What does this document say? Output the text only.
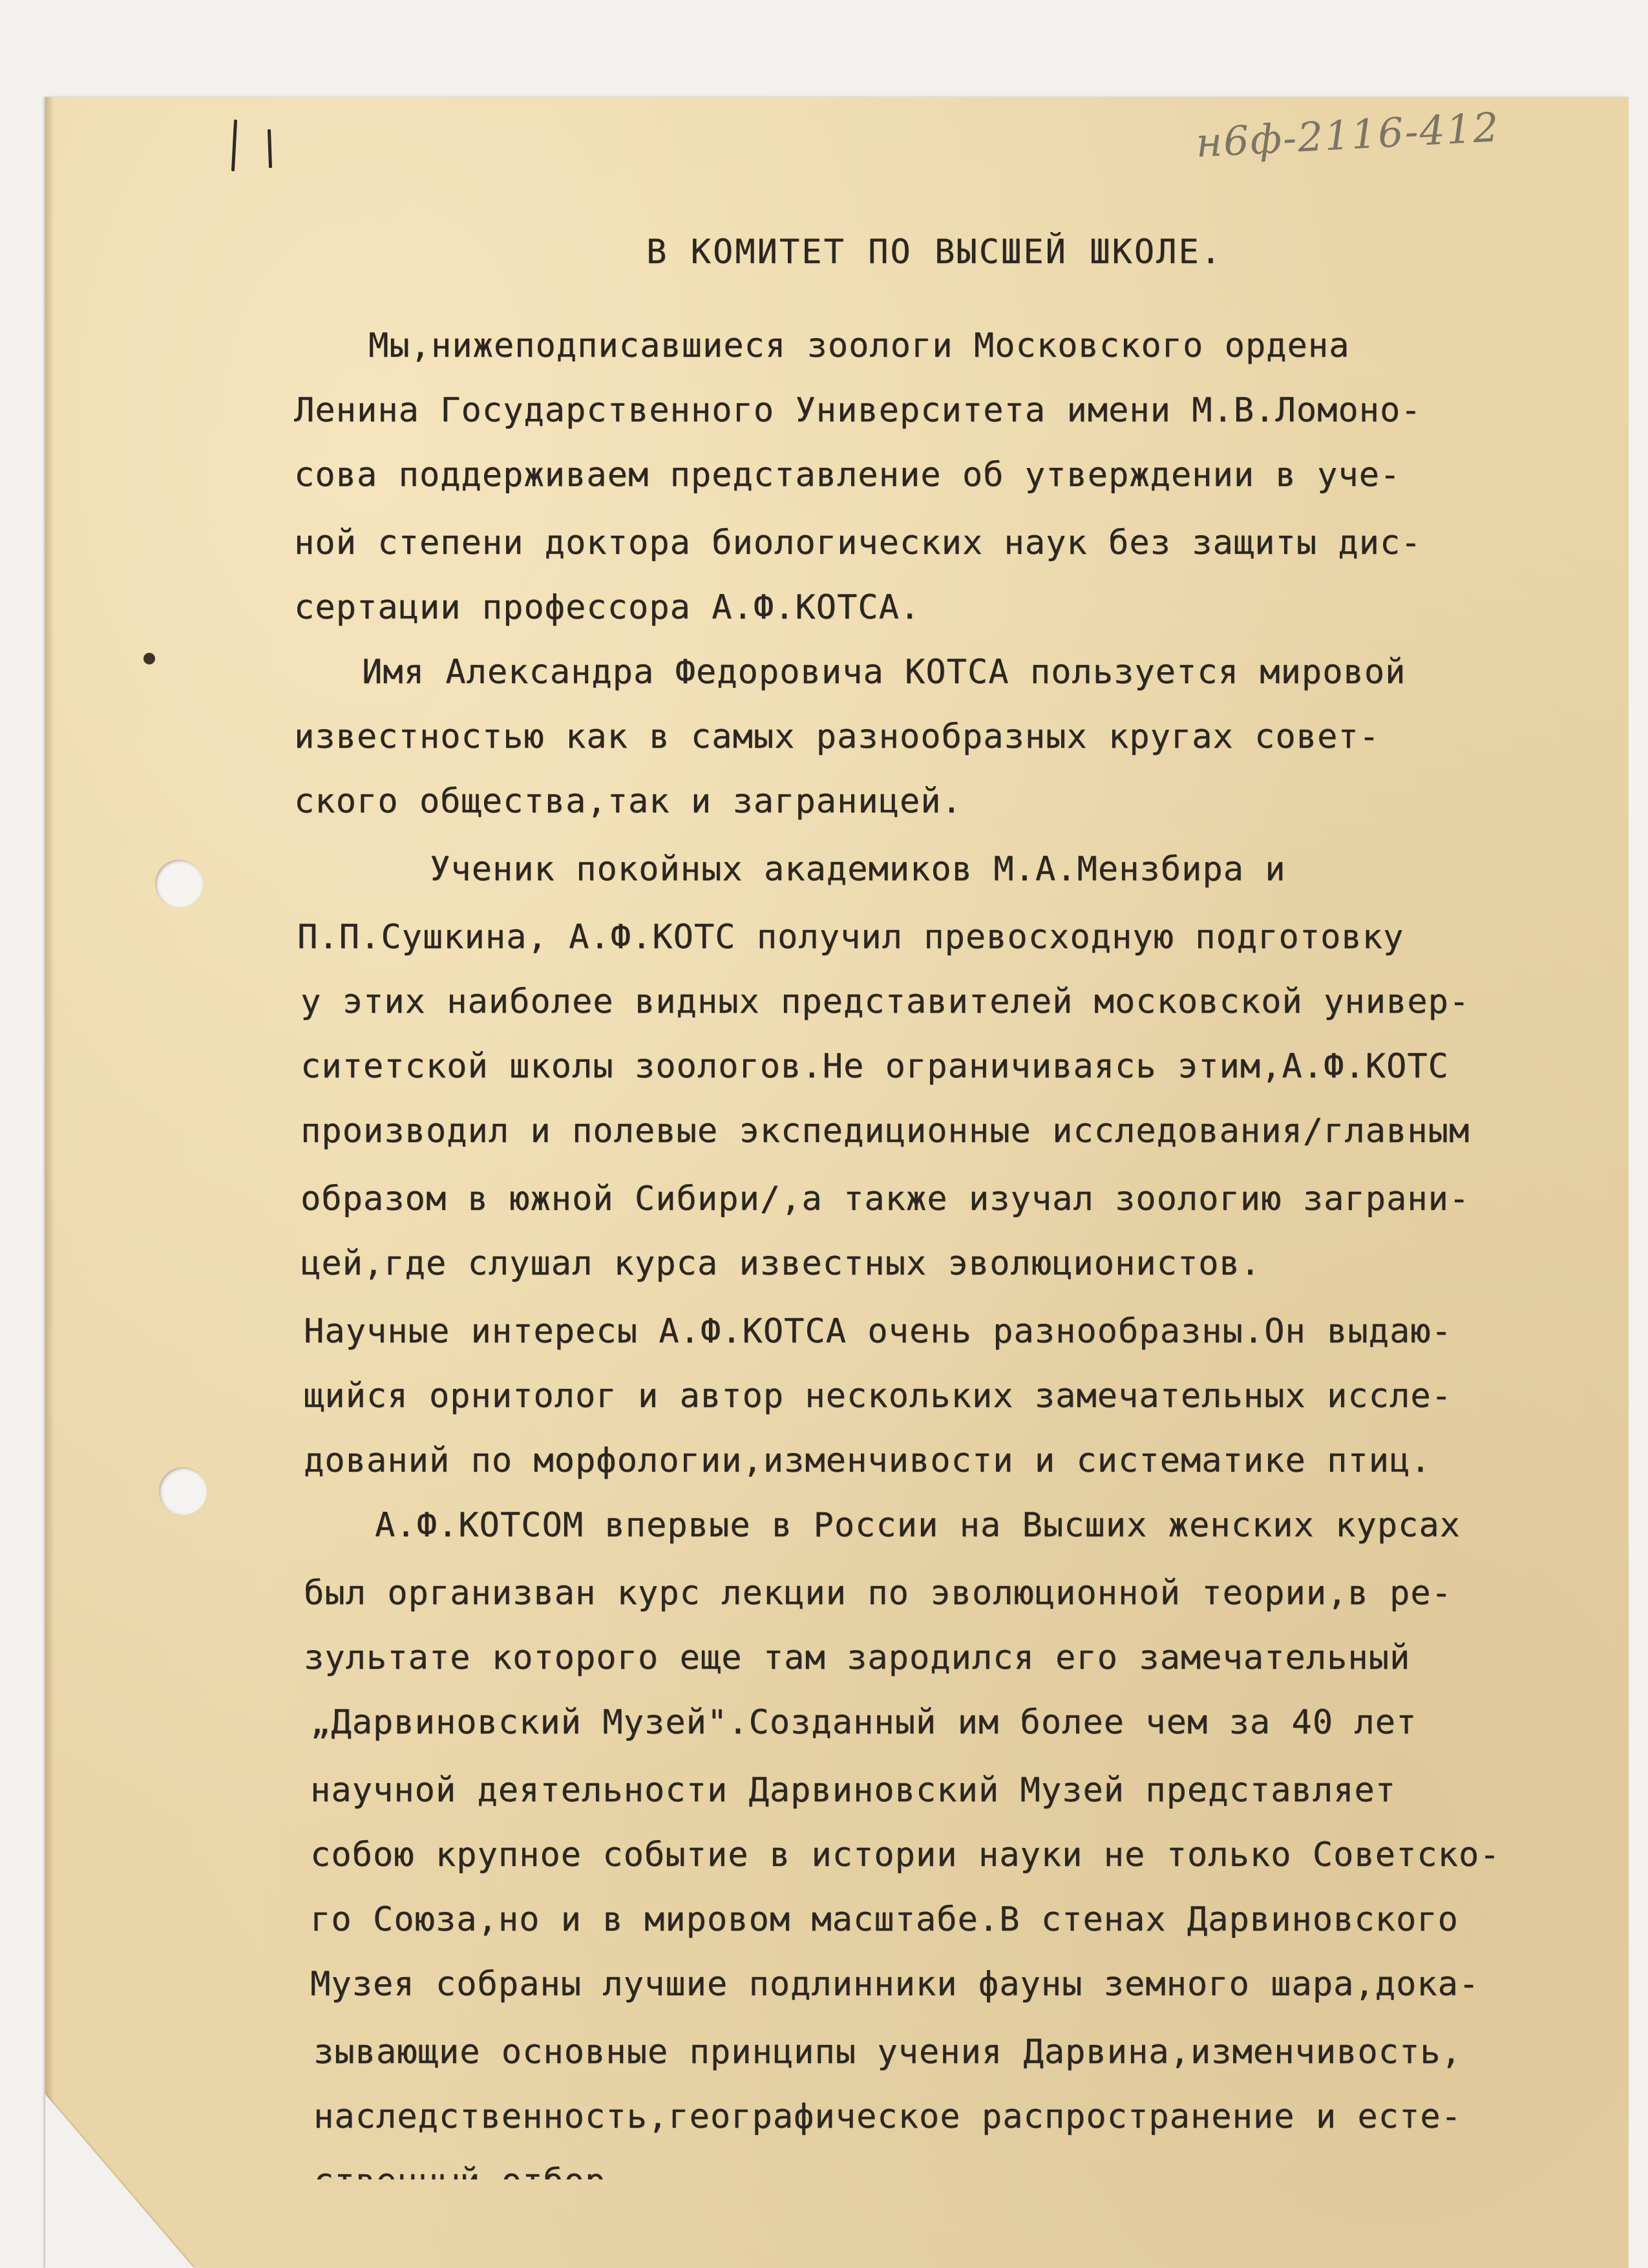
н6ф-2116-412
В КОМИТЕТ ПО ВЫСШЕЙ ШКОЛЕ.
Мы,нижеподписавшиеся зоологи Московского ордена
Ленина Государственного Университета имени М.В.Ломоно-
сова поддерживаем представление об утверждении в уче-
ной степени доктора биологических наук без защиты дис-
сертации профессора А.Ф.КОТСА.
Имя Александра Федоровича КОТСА пользуется мировой
известностью как в самых разнообразных кругах совет-
ского общества,так и заграницей.
Ученик покойных академиков М.А.Мензбира и
П.П.Сушкина, А.Ф.КОТС получил превосходную подготовку
у этих наиболее видных представителей московской универ-
ситетской школы зоологов.Не ограничиваясь этим,А.Ф.КОТС
производил и полевые экспедиционные исследования/главным
образом в южной Сибири/,а также изучал зоологию заграни-
цей,где слушал курса известных эволюционистов.
Научные интересы А.Ф.КОТСА очень разнообразны.Он выдаю-
щийся орнитолог и автор нескольких замечательных иссле-
дований по морфологии,изменчивости и систематике птиц.
А.Ф.КОТСОМ впервые в России на Высших женских курсах
был организван курс лекции по эволюционной теории,в ре-
зультате которого еще там зародился его замечательный
„Дарвиновский Музей".Созданный им более чем за 40 лет
научной деятельности Дарвиновский Музей представляет
собою крупное событие в истории науки не только Советско-
го Союза,но и в мировом масштабе.В стенах Дарвиновского
Музея собраны лучшие подлинники фауны земного шара,дока-
зывающие основные принципы учения Дарвина,изменчивость,
наследственность,географическое распространение и есте-
